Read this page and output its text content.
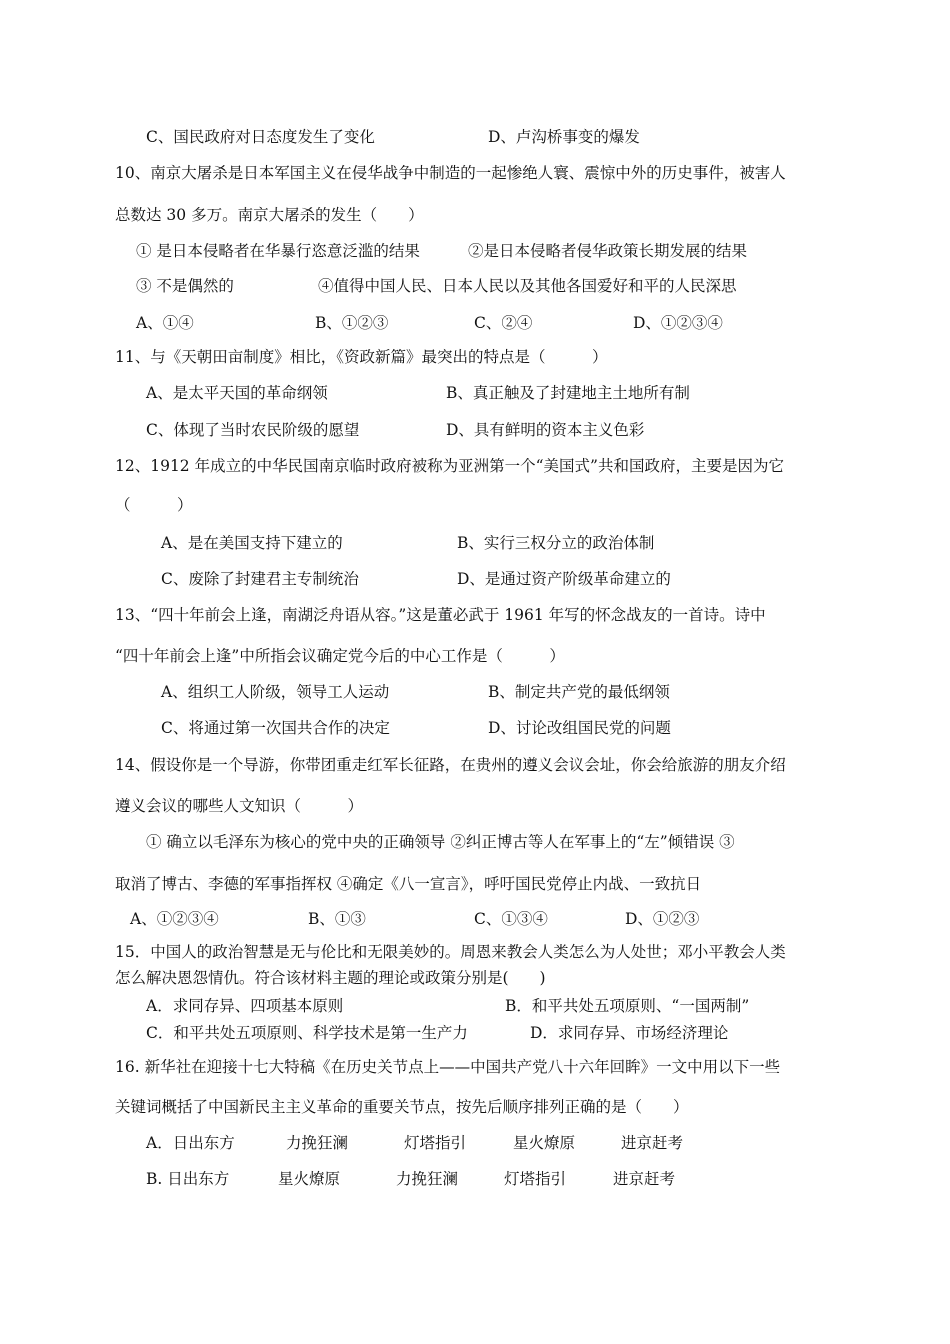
C、国民政府对日态度发生了变化	D、卢沟桥事变的爆发
10、南京大屠杀是日本军国主义在侵华战争中制造的一起惨绝人寰、震惊中外的历史事件，被害人
总数达 30 多万。南京大屠杀的发生（　　）
① 是日本侵略者在华暴行恣意泛滥的结果	②是日本侵略者侵华政策长期发展的结果
③ 不是偶然的	④值得中国人民、日本人民以及其他各国爱好和平的人民深思
A、①④	B、①②③	C、②④	D、①②③④
11、与《天朝田亩制度》相比，《资政新篇》最突出的特点是（　　　）
A、是太平天国的革命纲领	B、真正触及了封建地主土地所有制
C、体现了当时农民阶级的愿望	D、具有鲜明的资本主义色彩
12、1912 年成立的中华民国南京临时政府被称为亚洲第一个“美国式”共和国政府，主要是因为它
（　　　）
A、是在美国支持下建立的	B、实行三权分立的政治体制
C、废除了封建君主专制统治	D、是通过资产阶级革命建立的
13、“四十年前会上逢，南湖泛舟语从容。”这是董必武于 1961 年写的怀念战友的一首诗。诗中
“四十年前会上逢”中所指会议确定党今后的中心工作是（　　　）
A、组织工人阶级，领导工人运动	B、制定共产党的最低纲领
C、将通过第一次国共合作的决定	D、讨论改组国民党的问题
14、假设你是一个导游，你带团重走红军长征路，在贵州的遵义会议会址，你会给旅游的朋友介绍
遵义会议的哪些人文知识（　　　）
① 确立以毛泽东为核心的党中央的正确领导 ②纠正博古等人在军事上的“左”倾错误 ③
取消了博古、李德的军事指挥权 ④确定《八一宣言》，呼吁国民党停止内战、一致抗日
A、①②③④	B、①③	C、①③④	D、①②③
15．中国人的政治智慧是无与伦比和无限美妙的。周恩来教会人类怎么为人处世；邓小平教会人类
怎么解决恩怨情仇。符合该材料主题的理论或政策分别是(　　)
A．求同存异、四项基本原则	B．和平共处五项原则、“一国两制”
C．和平共处五项原则、科学技术是第一生产力	D．求同存异、市场经济理论
16. 新华社在迎接十七大特稿《在历史关节点上——中国共产党八十六年回眸》一文中用以下一些
关键词概括了中国新民主主义革命的重要关节点，按先后顺序排列正确的是（　　）
A．日出东方	力挽狂澜	灯塔指引	星火燎原	进京赶考
B. 日出东方	星火燎原	力挽狂澜	灯塔指引	进京赶考
